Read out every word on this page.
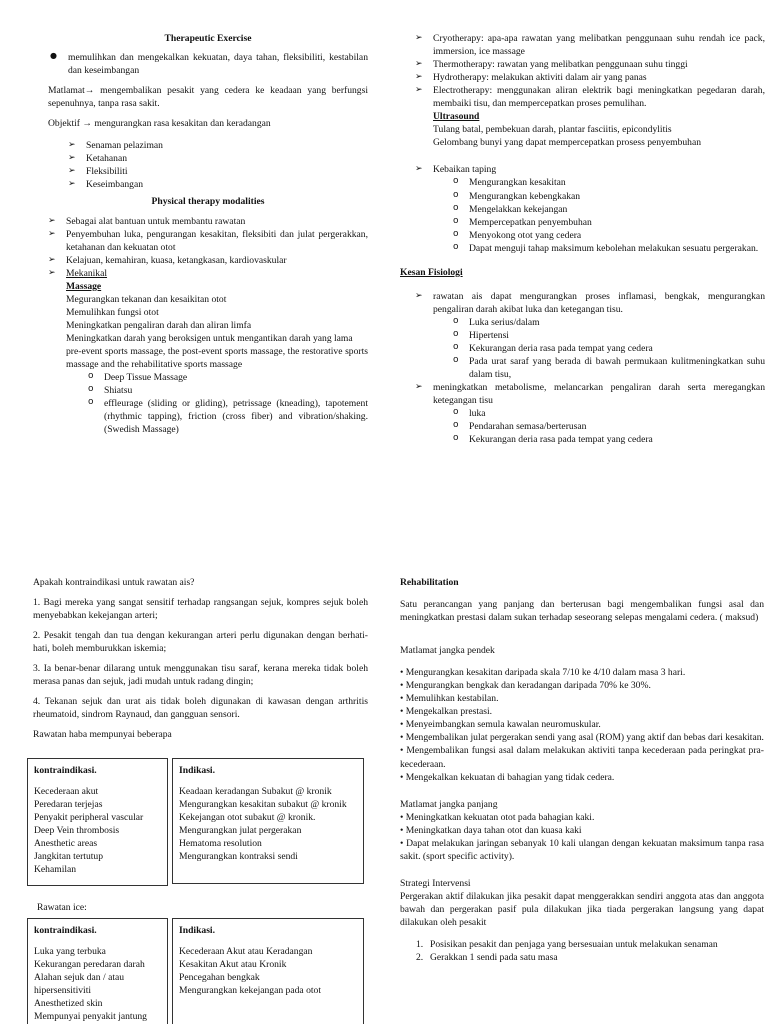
Therapeutic Exercise

● memulihkan dan mengekalkan kekuatan, daya tahan, fleksibiliti, kestabilan dan keseimbangan

Matlamat→ mengembalikan pesakit yang cedera ke keadaan yang berfungsi sepenuhnya, tanpa rasa sakit.

Objektif → mengurangkan rasa kesakitan dan keradangan

➢ Senaman pelaziman
➢ Ketahanan
➢ Fleksibiliti
➢ Keseimbangan

Physical therapy modalities

➢ Sebagai alat bantuan untuk membantu rawatan
➢ Penyembuhan luka, pengurangan kesakitan, fleksibiti dan julat pergerakkan, ketahanan dan kekuatan otot
➢ Kelajuan, kemahiran, kuasa, ketangkasan, kardiovaskular
➢ Mekanikal

Massage

Megurangkan tekanan dan kesaikitan otot

Memulihkan fungsi otot

Meningkatkan pengaliran darah dan aliran limfa

Meningkatkan darah yang beroksigen untuk mengantikan darah yang lama

pre-event sports massage, the post-event sports massage, the restorative sports massage and the rehabilitative sports massage

o Deep Tissue Massage
o Shiatsu
o effleurage (sliding or gliding), petrissage (kneading), tapotement (rhythmic tapping), friction (cross fiber) and vibration/shaking. (Swedish Massage)
➢ Cryotherapy: apa-apa rawatan yang melibatkan penggunaan suhu rendah ice pack, immersion, ice massage
➢ Thermotherapy: rawatan yang melibatkan penggunaan suhu tinggi
➢ Hydrotherapy: melakukan aktiviti dalam air yang panas
➢ Electrotherapy: menggunakan aliran elektrik bagi meningkatkan pegedaran darah, membaiki tisu, dan mempercepatkan proses pemulihan.

Ultrasound

Tulang batal, pembekuan darah, plantar fasciitis, epicondylitis

Gelombang bunyi yang dapat mempercepatkan prosess penyembuhan

➢ Kebaikan taping
o Mengurangkan kesakitan
o Mengurangkan kebengkakan
o Mengelakkan kekejangan
o Mempercepatkan penyembuhan
o Menyokong otot yang cedera
o Dapat menguji tahap maksimum kebolehan melakukan sesuatu pergerakan.

Kesan Fisiologi

➢ rawatan ais dapat mengurangkan proses inflamasi, bengkak, mengurangkan pengaliran darah akibat luka dan ketegangan tisu.
o Luka serius/dalam
o Hipertensi
o Kekurangan deria rasa pada tempat yang cedera
o Pada urat saraf yang berada di bawah permukaan kulitmeningkatkan suhu dalam tisu,
➢ meningkatkan metabolisme, melancarkan pengaliran darah serta meregangkan ketegangan tisu
o luka
o Pendarahan semasa/berterusan
o Kekurangan deria rasa pada tempat yang cedera

Apakah kontraindikasi untuk rawatan ais?

1. Bagi mereka yang sangat sensitif terhadap rangsangan sejuk, kompres sejuk boleh menyebabkan kekejangan arteri;

2. Pesakit tengah dan tua dengan kekurangan arteri perlu digunakan dengan berhati-hati, boleh memburukkan iskemia;

3. Ia benar-benar dilarang untuk menggunakan tisu saraf, kerana mereka tidak boleh merasa panas dan sejuk, jadi mudah untuk radang dingin;

4. Tekanan sejuk dan urat ais tidak boleh digunakan di kawasan dengan arthritis rheumatoid, sindrom Raynaud, dan gangguan sensori.

Rawatan haba mempunyai beberapa

kontraindikasi.

Kecederaan akut

Peredaran terjejas

Penyakit peripheral vascular

Deep Vein thrombosis

Anesthetic areas

Jangkitan tertutup

Kehamilan

Indikasi.

Keadaan keradangan Subakut @ kronik

Mengurangkan kesakitan subakut @ kronik

Kekejangan otot subakut @ kronik.

Mengurangkan julat pergerakan

Hematoma resolution

Mengurangkan kontraksi sendi

Rawatan ice:

kontraindikasi.

Luka yang terbuka

Kekurangan peredaran darah

Alahan sejuk dan / atau hipersensitiviti

Anesthetized skin

Mempunyai penyakit jantung

Indikasi.

Kecederaan Akut atau Keradangan

Kesakitan Akut atau Kronik

Pencegahan bengkak

Mengurangkan kekejangan pada otot

Rehabilitation

Satu perancangan yang panjang dan berterusan bagi mengembalikan fungsi asal dan meningkatkan prestasi dalam sukan terhadap seseorang selepas mengalami cedera. ( maksud)

Matlamat jangka pendek

• Mengurangkan kesakitan daripada skala 7/10 ke 4/10 dalam masa 3 hari.

• Mengurangkan bengkak dan keradangan daripada 70% ke 30%.

• Memulihkan kestabilan.

• Mengekalkan prestasi.

• Menyeimbangkan semula kawalan neuromuskular.

• Mengembalikan julat pergerakan sendi yang asal (ROM) yang aktif dan bebas dari kesakitan.

• Mengembalikan fungsi asal dalam melakukan aktiviti tanpa kecederaan pada peringkat pra-kecederaan.

• Mengekalkan kekuatan di bahagian yang tidak cedera.

Matlamat jangka panjang

• Meningkatkan kekuatan otot pada bahagian kaki.

• Meningkatkan daya tahan otot dan kuasa kaki

• Dapat melakukan jaringan sebanyak 10 kali ulangan dengan kekuatan maksimum tanpa rasa sakit. (sport specific activity).

Strategi Intervensi

Pergerakan aktif dilakukan jika pesakit dapat menggerakkan sendiri anggota atas dan anggota bawah dan pergerakan pasif pula dilakukan jika tiada pergerakan langsung yang dapat dilakukan oleh pesakit

1. Posisikan pesakit dan penjaga yang bersesuaian untuk melakukan senaman
2. Gerakkan 1 sendi pada satu masa
